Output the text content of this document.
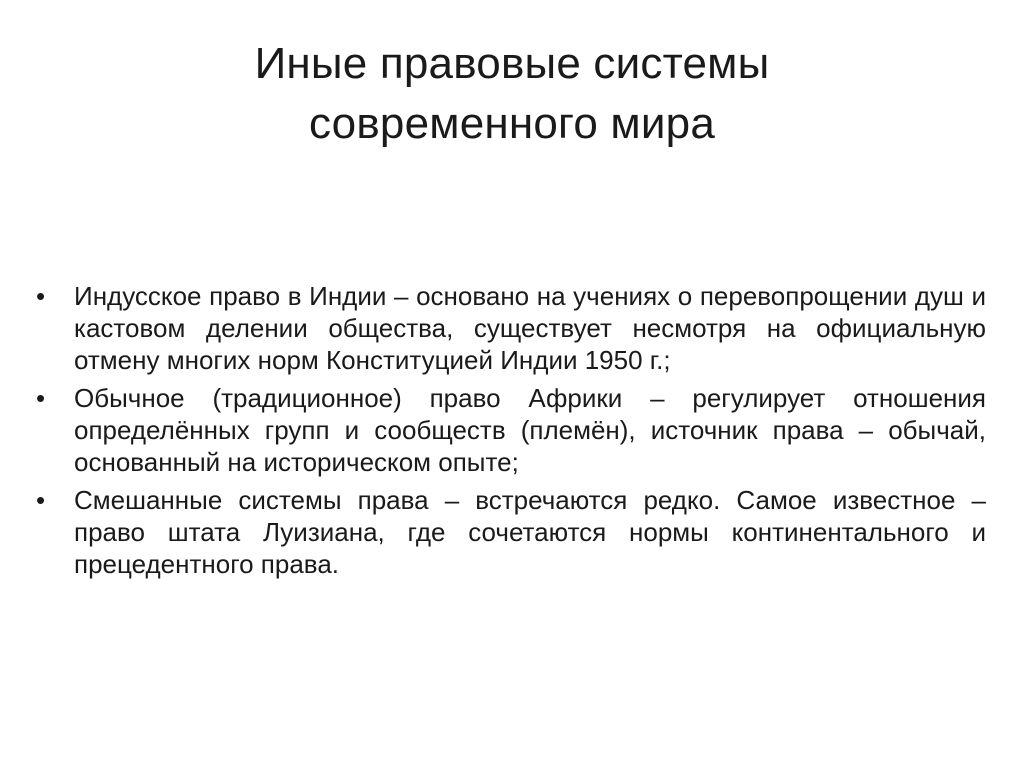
Иные правовые системы
современного мира
• Индусское право в Индии – основано на учениях о перевопрощении душ и кастовом делении общества, существует несмотря на официальную отмену многих норм Конституцией Индии 1950 г.;
• Обычное (традиционное) право Африки – регулирует отношения определённых групп и сообществ (племён), источник права – обычай, основанный на историческом опыте;
• Смешанные системы права – встречаются редко. Самое известное – право штата Луизиана, где сочетаются нормы континентального и прецедентного права.
